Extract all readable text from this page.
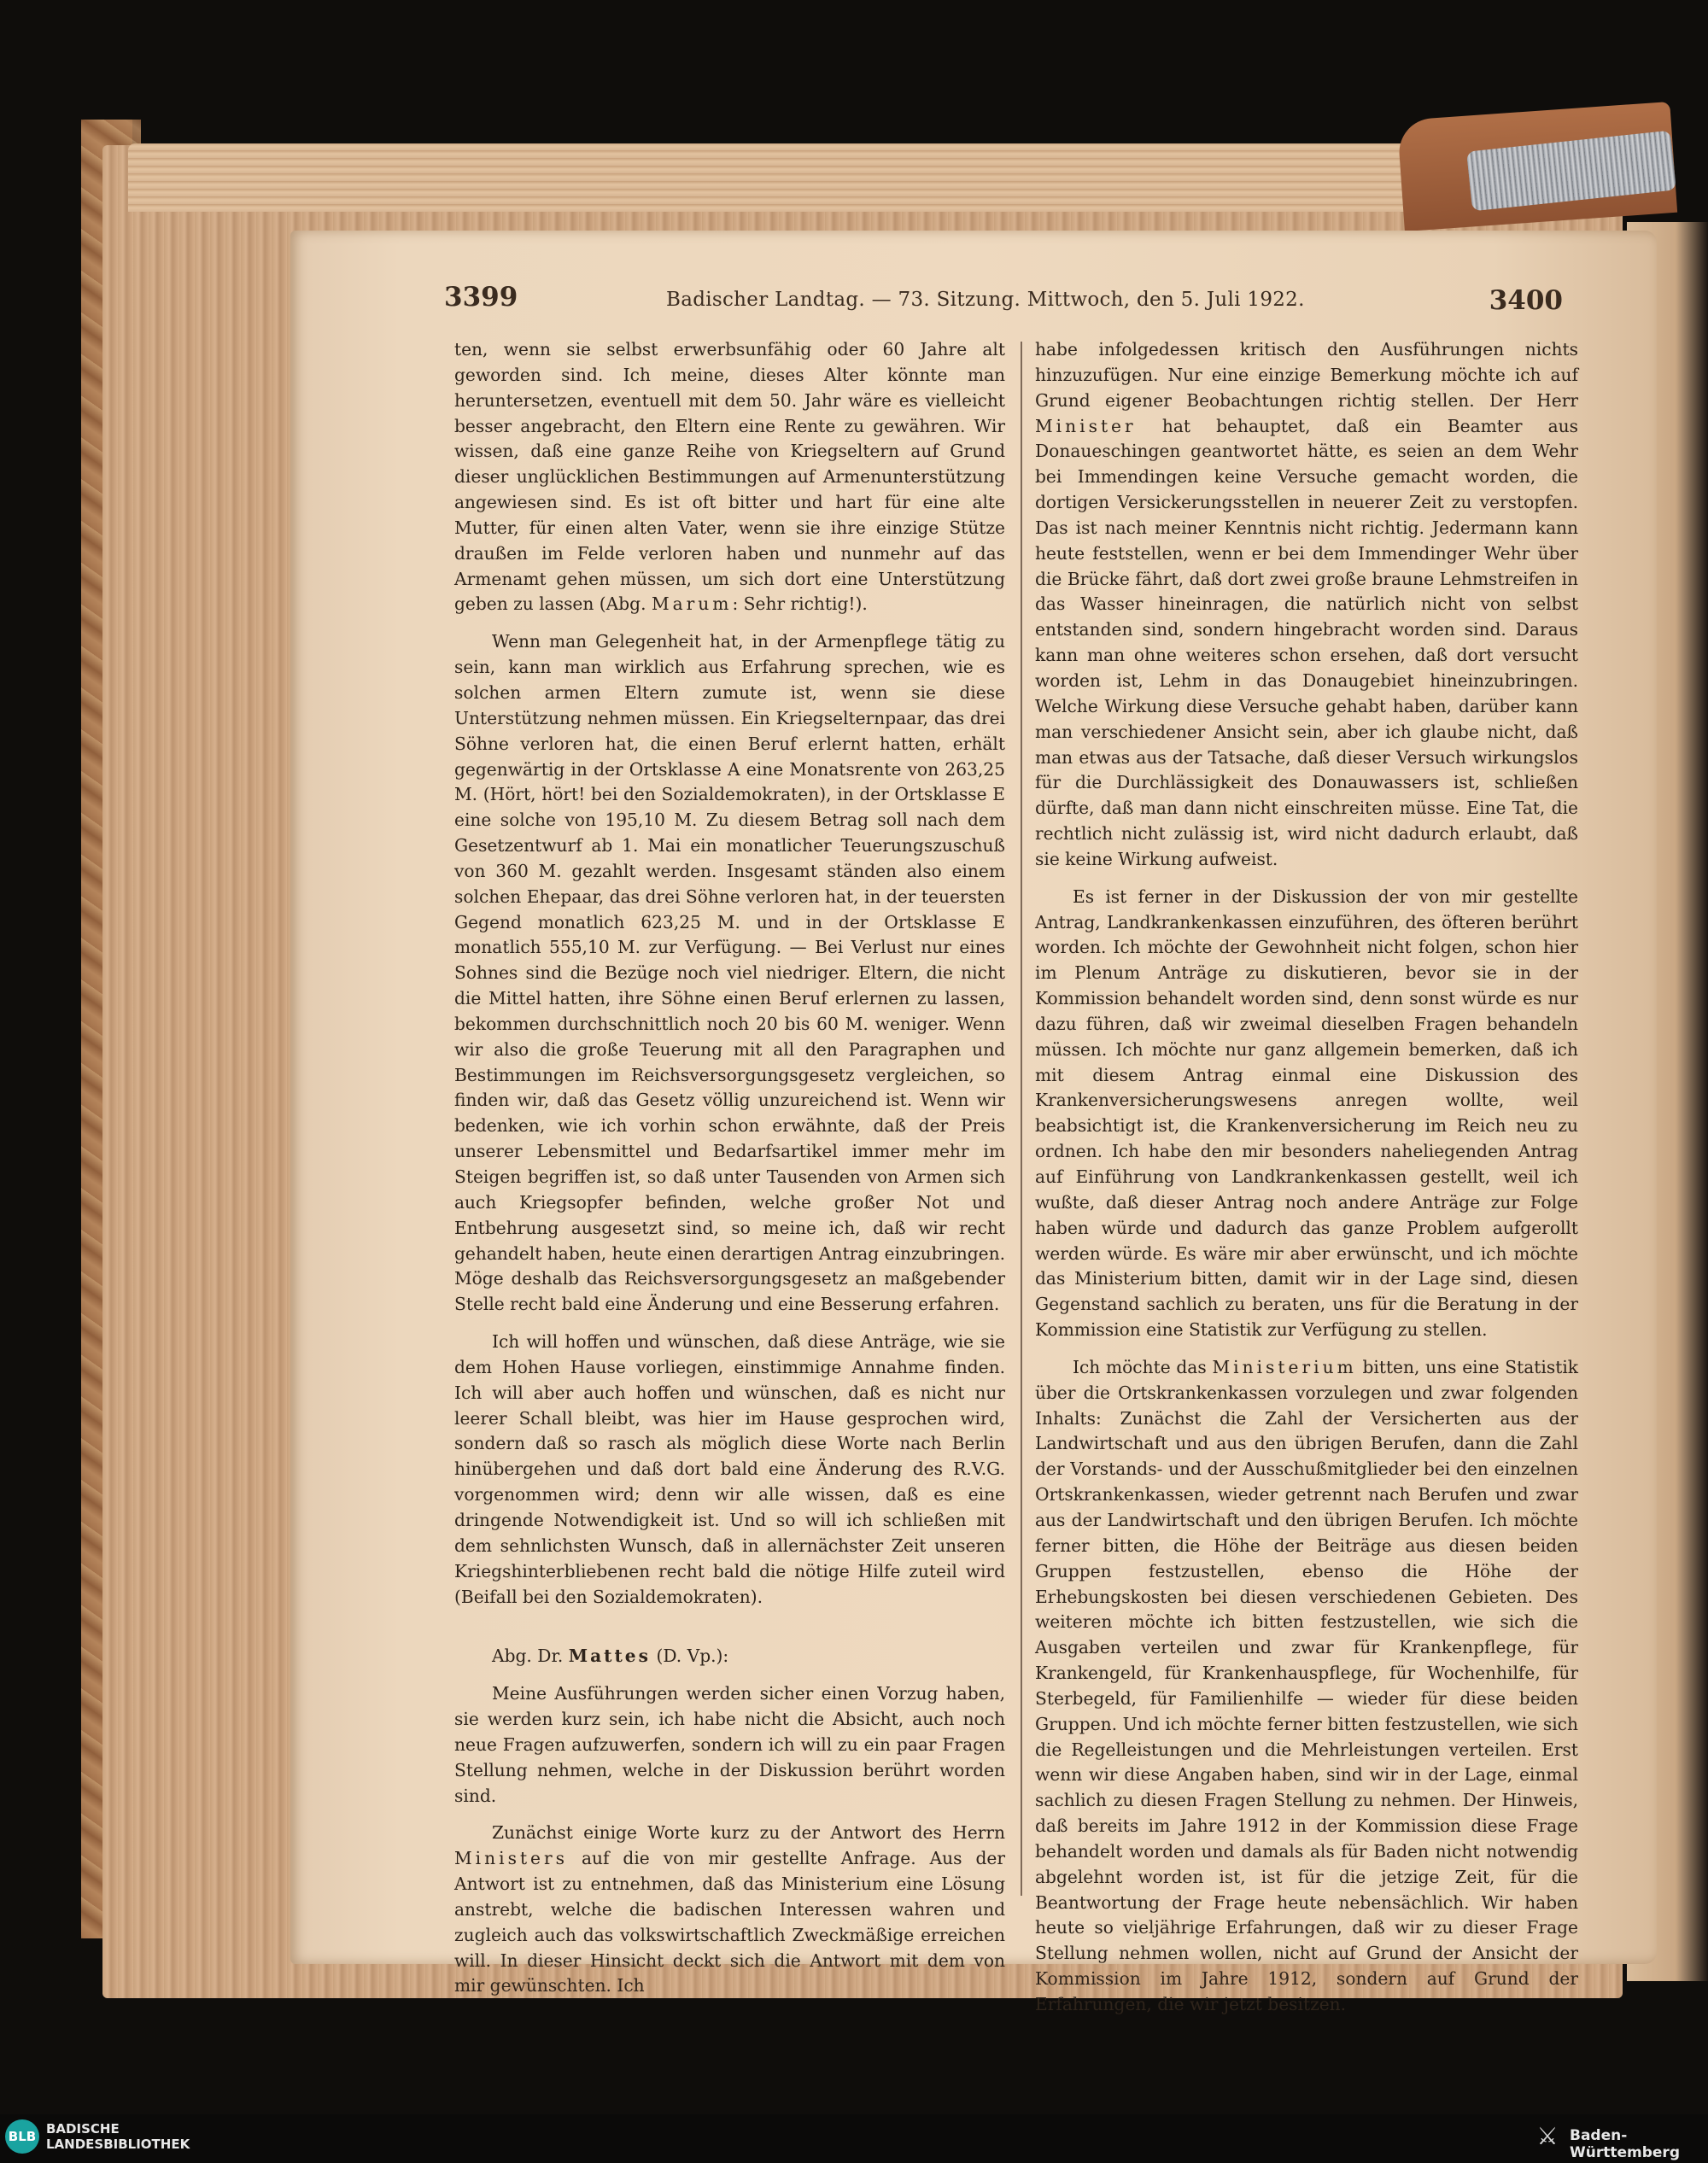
3399	Badischer Landtag. — 73. Sitzung. Mittwoch, den 5. Juli 1922.	3400

ten, wenn sie selbst erwerbsunfähig oder 60 Jahre alt geworden sind. Ich meine, dieses Alter könnte man heruntersetzen, eventuell mit dem 50. Jahr wäre es vielleicht besser angebracht, den Eltern eine Rente zu gewähren. Wir wissen, daß eine ganze Reihe von Kriegseltern auf Grund dieser unglücklichen Bestimmungen auf Armenunterstützung angewiesen sind. Es ist oft bitter und hart für eine alte Mutter, für einen alten Vater, wenn sie ihre einzige Stütze draußen im Felde verloren haben und nunmehr auf das Armenamt gehen müssen, um sich dort eine Unterstützung geben zu lassen (Abg. Marum: Sehr richtig!).

Wenn man Gelegenheit hat, in der Armenpflege tätig zu sein, kann man wirklich aus Erfahrung sprechen, wie es solchen armen Eltern zumute ist, wenn sie diese Unterstützung nehmen müssen. Ein Kriegselternpaar, das drei Söhne verloren hat, die einen Beruf erlernt hatten, erhält gegenwärtig in der Ortsklasse A eine Monatsrente von 263,25 M. (Hört, hört! bei den Sozialdemokraten), in der Ortsklasse E eine solche von 195,10 M. Zu diesem Betrag soll nach dem Gesetzentwurf ab 1. Mai ein monatlicher Teuerungszuschuß von 360 M. gezahlt werden. Insgesamt ständen also einem solchen Ehepaar, das drei Söhne verloren hat, in der teuersten Gegend monatlich 623,25 M. und in der Ortsklasse E monatlich 555,10 M. zur Verfügung. — Bei Verlust nur eines Sohnes sind die Bezüge noch viel niedriger. Eltern, die nicht die Mittel hatten, ihre Söhne einen Beruf erlernen zu lassen, bekommen durchschnittlich noch 20 bis 60 M. weniger. Wenn wir also die große Teuerung mit all den Paragraphen und Bestimmungen im Reichsversorgungsgesetz vergleichen, so finden wir, daß das Gesetz völlig unzureichend ist. Wenn wir bedenken, wie ich vorhin schon erwähnte, daß der Preis unserer Lebensmittel und Bedarfsartikel immer mehr im Steigen begriffen ist, so daß unter Tausenden von Armen sich auch Kriegsopfer befinden, welche großer Not und Entbehrung ausgesetzt sind, so meine ich, daß wir recht gehandelt haben, heute einen derartigen Antrag einzubringen. Möge deshalb das Reichsversorgungsgesetz an maßgebender Stelle recht bald eine Änderung und eine Besserung erfahren.

Ich will hoffen und wünschen, daß diese Anträge, wie sie dem Hohen Hause vorliegen, einstimmige Annahme finden. Ich will aber auch hoffen und wünschen, daß es nicht nur leerer Schall bleibt, was hier im Hause gesprochen wird, sondern daß so rasch als möglich diese Worte nach Berlin hinübergehen und daß dort bald eine Änderung des R.V.G. vorgenommen wird; denn wir alle wissen, daß es eine dringende Notwendigkeit ist. Und so will ich schließen mit dem sehnlichsten Wunsch, daß in allernächster Zeit unseren Kriegshinterbliebenen recht bald die nötige Hilfe zuteil wird (Beifall bei den Sozialdemokraten).

Abg. Dr. Mattes (D. Vp.):

Meine Ausführungen werden sicher einen Vorzug haben, sie werden kurz sein, ich habe nicht die Absicht, auch noch neue Fragen aufzuwerfen, sondern ich will zu ein paar Fragen Stellung nehmen, welche in der Diskussion berührt worden sind.

Zunächst einige Worte kurz zu der Antwort des Herrn Ministers auf die von mir gestellte Anfrage. Aus der Antwort ist zu entnehmen, daß das Ministerium eine Lösung anstrebt, welche die badischen Interessen wahren und zugleich auch das volkswirtschaftlich Zweckmäßige erreichen will. In dieser Hinsicht deckt sich die Antwort mit dem von mir gewünschten. Ich

habe infolgedessen kritisch den Ausführungen nichts hinzuzufügen. Nur eine einzige Bemerkung möchte ich auf Grund eigener Beobachtungen richtig stellen. Der Herr Minister hat behauptet, daß ein Beamter aus Donaueschingen geantwortet hätte, es seien an dem Wehr bei Immendingen keine Versuche gemacht worden, die dortigen Versickerungsstellen in neuerer Zeit zu verstopfen. Das ist nach meiner Kenntnis nicht richtig. Jedermann kann heute feststellen, wenn er bei dem Immendinger Wehr über die Brücke fährt, daß dort zwei große braune Lehmstreifen in das Wasser hineinragen, die natürlich nicht von selbst entstanden sind, sondern hingebracht worden sind. Daraus kann man ohne weiteres schon ersehen, daß dort versucht worden ist, Lehm in das Donaugebiet hineinzubringen. Welche Wirkung diese Versuche gehabt haben, darüber kann man verschiedener Ansicht sein, aber ich glaube nicht, daß man etwas aus der Tatsache, daß dieser Versuch wirkungslos für die Durchlässigkeit des Donauwassers ist, schließen dürfte, daß man dann nicht einschreiten müsse. Eine Tat, die rechtlich nicht zulässig ist, wird nicht dadurch erlaubt, daß sie keine Wirkung aufweist.

Es ist ferner in der Diskussion der von mir gestellte Antrag, Landkrankenkassen einzuführen, des öfteren berührt worden. Ich möchte der Gewohnheit nicht folgen, schon hier im Plenum Anträge zu diskutieren, bevor sie in der Kommission behandelt worden sind, denn sonst würde es nur dazu führen, daß wir zweimal dieselben Fragen behandeln müssen. Ich möchte nur ganz allgemein bemerken, daß ich mit diesem Antrag einmal eine Diskussion des Krankenversicherungswesens anregen wollte, weil beabsichtigt ist, die Krankenversicherung im Reich neu zu ordnen. Ich habe den mir besonders naheliegenden Antrag auf Einführung von Landkrankenkassen gestellt, weil ich wußte, daß dieser Antrag noch andere Anträge zur Folge haben würde und dadurch das ganze Problem aufgerollt werden würde. Es wäre mir aber erwünscht, und ich möchte das Ministerium bitten, damit wir in der Lage sind, diesen Gegenstand sachlich zu beraten, uns für die Beratung in der Kommission eine Statistik zur Verfügung zu stellen.

Ich möchte das Ministerium bitten, uns eine Statistik über die Ortskrankenkassen vorzulegen und zwar folgenden Inhalts: Zunächst die Zahl der Versicherten aus der Landwirtschaft und aus den übrigen Berufen, dann die Zahl der Vorstands- und der Ausschußmitglieder bei den einzelnen Ortskrankenkassen, wieder getrennt nach Berufen und zwar aus der Landwirtschaft und den übrigen Berufen. Ich möchte ferner bitten, die Höhe der Beiträge aus diesen beiden Gruppen festzustellen, ebenso die Höhe der Erhebungskosten bei diesen verschiedenen Gebieten. Des weiteren möchte ich bitten festzustellen, wie sich die Ausgaben verteilen und zwar für Krankenpflege, für Krankengeld, für Krankenhauspflege, für Wochenhilfe, für Sterbegeld, für Familienhilfe — wieder für diese beiden Gruppen. Und ich möchte ferner bitten festzustellen, wie sich die Regelleistungen und die Mehrleistungen verteilen. Erst wenn wir diese Angaben haben, sind wir in der Lage, einmal sachlich zu diesen Fragen Stellung zu nehmen. Der Hinweis, daß bereits im Jahre 1912 in der Kommission diese Frage behandelt worden und damals als für Baden nicht notwendig abgelehnt worden ist, ist für die jetzige Zeit, für die Beantwortung der Frage heute nebensächlich. Wir haben heute so vieljährige Erfahrungen, daß wir zu dieser Frage Stellung nehmen wollen, nicht auf Grund der Ansicht der Kommission im Jahre 1912, sondern auf Grund der Erfahrungen, die wir jetzt besitzen.

BLB BADISCHE
LANDESBIBLIOTHEK	⚔ Baden-Württemberg
